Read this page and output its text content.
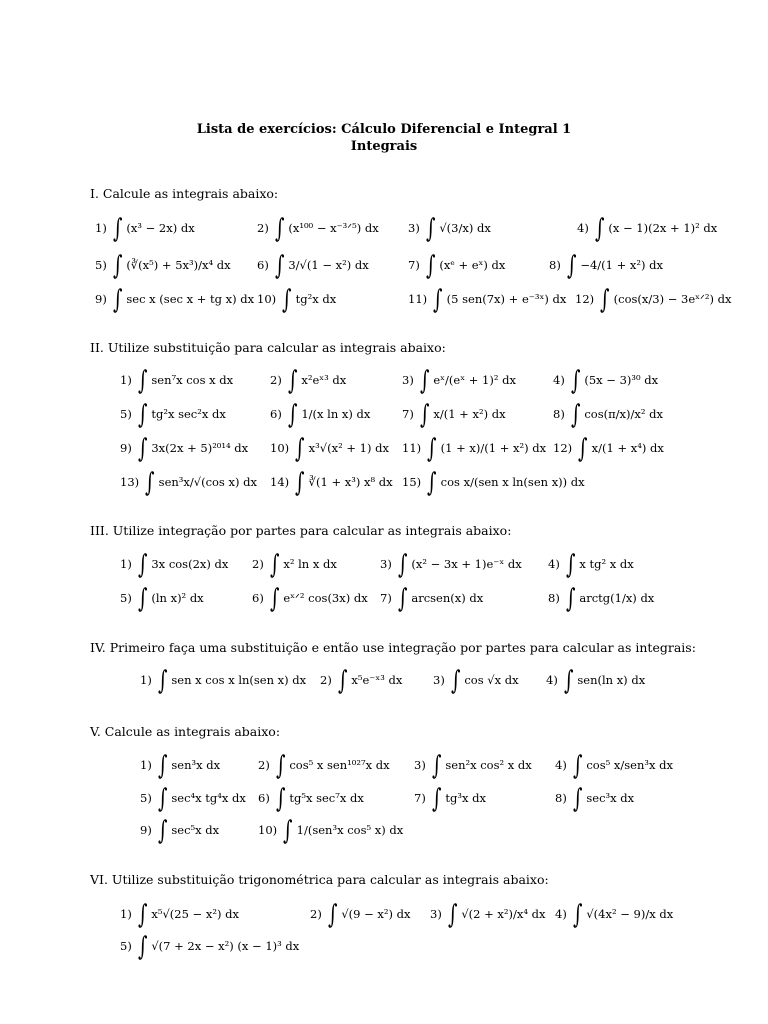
Lista de exercícios: Cálculo Diferencial e Integral 1
Integrais
I. Calcule as integrais abaixo:
1) ∫ (x³ − 2x) dx	2) ∫ (x¹⁰⁰ − x⁻³ᐟ⁵) dx	3) ∫ √(3/x) dx	4) ∫ (x − 1)(2x + 1)² dx
5) ∫ (∛(x⁵) + 5x³)/x⁴ dx 6) ∫ 3/√(1 − x²) dx	7) ∫ (xᵉ + eˣ) dx	8) ∫ −4/(1 + x²) dx
9) ∫ sec x (sec x + tg x) dx 10) ∫ tg²x dx	11) ∫ (5 sen(7x) + e⁻³ˣ) dx 12) ∫ (cos(x/3) − 3eˣᐟ²) dx
II. Utilize substituição para calcular as integrais abaixo:
1) ∫ sen⁷x cos x dx	2) ∫ x²eˣ³ dx	3) ∫ eˣ/(eˣ + 1)² dx	4) ∫ (5x − 3)³⁰ dx
5) ∫ tg²x sec²x dx	6) ∫ 1/(x ln x) dx	7) ∫ x/(1 + x²) dx	8) ∫ cos(π/x)/x² dx
9) ∫ 3x(2x + 5)²⁰¹⁴ dx 10) ∫ x³√(x² + 1) dx 11) ∫ (1 + x)/(1 + x²) dx 12) ∫ x/(1 + x⁴) dx
13) ∫ sen³x/√(cos x) dx 14) ∫ ∛(1 + x³) x⁸ dx 15) ∫ cos x/(sen x ln(sen x)) dx
III. Utilize integração por partes para calcular as integrais abaixo:
1) ∫ 3x cos(2x) dx 2) ∫ x² ln x dx	3) ∫ (x² − 3x + 1)e⁻ˣ dx 4) ∫ x tg² x dx
5) ∫ (ln x)² dx	6) ∫ eˣᐟ² cos(3x) dx 7) ∫ arcsen(x) dx	8) ∫ arctg(1/x) dx
IV. Primeiro faça uma substituição e então use integração por partes para calcular as integrais:
1) ∫ sen x cos x ln(sen x) dx 2) ∫ x⁵e⁻ˣ³ dx	3) ∫ cos √x dx 4) ∫ sen(ln x) dx
V. Calcule as integrais abaixo:
1) ∫ sen³x dx	2) ∫ cos⁵ x sen¹⁰²⁷x dx 3) ∫ sen²x cos² x dx 4) ∫ cos⁵ x/sen³x dx
5) ∫ sec⁴x tg⁴x dx 6) ∫ tg⁵x sec⁷x dx	7) ∫ tg³x dx	8) ∫ sec³x dx
9) ∫ sec⁵x dx	10) ∫ 1/(sen³x cos⁵ x) dx
VI. Utilize substituição trigonométrica para calcular as integrais abaixo:
1) ∫ x⁵√(25 − x²) dx	2) ∫ √(9 − x²) dx 3) ∫ √(2 + x²)/x⁴ dx 4) ∫ √(4x² − 9)/x dx
5) ∫ √(7 + 2x − x²) (x − 1)³ dx
